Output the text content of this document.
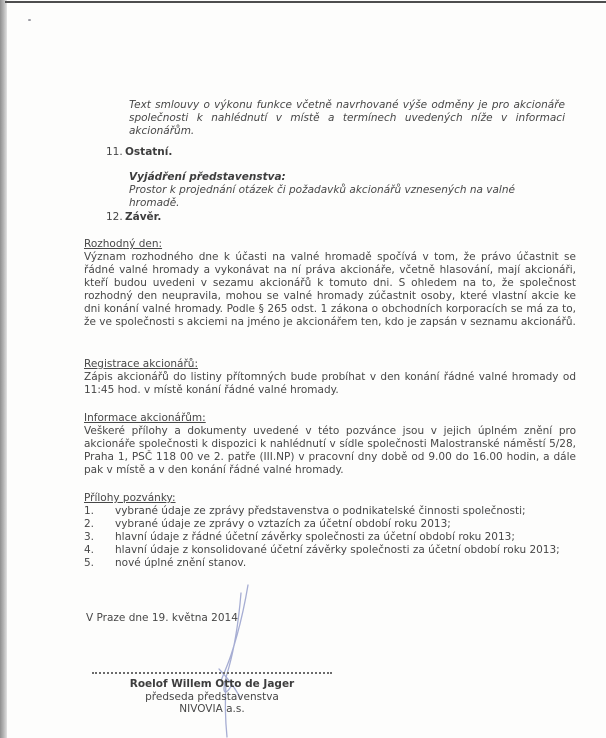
Text smlouvy o výkonu funkce včetně navrhované výše odměny je pro akcionáře společnosti k nahlédnutí v místě a termínech uvedených níže v informaci akcionářům.

11. Ostatní.
Vyjádření představenstva:
Prostor k projednání otázek či požadavků akcionářů vznesených na valné hromadě.
12. Závěr.
Rozhodný den:
Význam rozhodného dne k účasti na valné hromadě spočívá v tom, že právo účastnit se řádné valné hromady a vykonávat na ní práva akcionáře, včetně hlasování, mají akcionáři, kteří budou uvedeni v sezamu akcionářů k tomuto dni. S ohledem na to, že společnost rozhodný den neupravila, mohou se valné hromady zúčastnit osoby, které vlastní akcie ke dni konání valné hromady. Podle § 265 odst. 1 zákona o obchodních korporacích se má za to, že ve společnosti s akciemi na jméno je akcionářem ten, kdo je zapsán v seznamu akcionářů.
Registrace akcionářů:
Zápis akcionářů do listiny přítomných bude probíhat v den konání řádné valné hromady od 11:45 hod. v místě konání řádné valné hromady.
Informace akcionářům:
Veškeré přílohy a dokumenty uvedené v této pozvánce jsou v jejich úplném znění pro akcionáře společnosti k dispozici k nahlédnutí v sídle společnosti Malostranské náměstí 5/28, Praha 1, PSČ 118 00 ve 2. patře (III.NP) v pracovní dny době od 9.00 do 16.00 hodin, a dále pak v místě a v den konání řádné valné hromady.
Přílohy pozvánky:
1.	vybrané údaje ze zprávy představenstva o podnikatelské činnosti společnosti;
2.	vybrané údaje ze zprávy o vztazích za účetní období roku 2013;
3.	hlavní údaje z řádné účetní závěrky společnosti za účetní období roku 2013;
4.	hlavní údaje z konsolidované účetní závěrky společnosti za účetní období roku 2013;
5.	nové úplné znění stanov.
V Praze dne 19. května 2014
Roelof Willem Otto de Jager
předseda představenstva
NIVOVIA a.s.
